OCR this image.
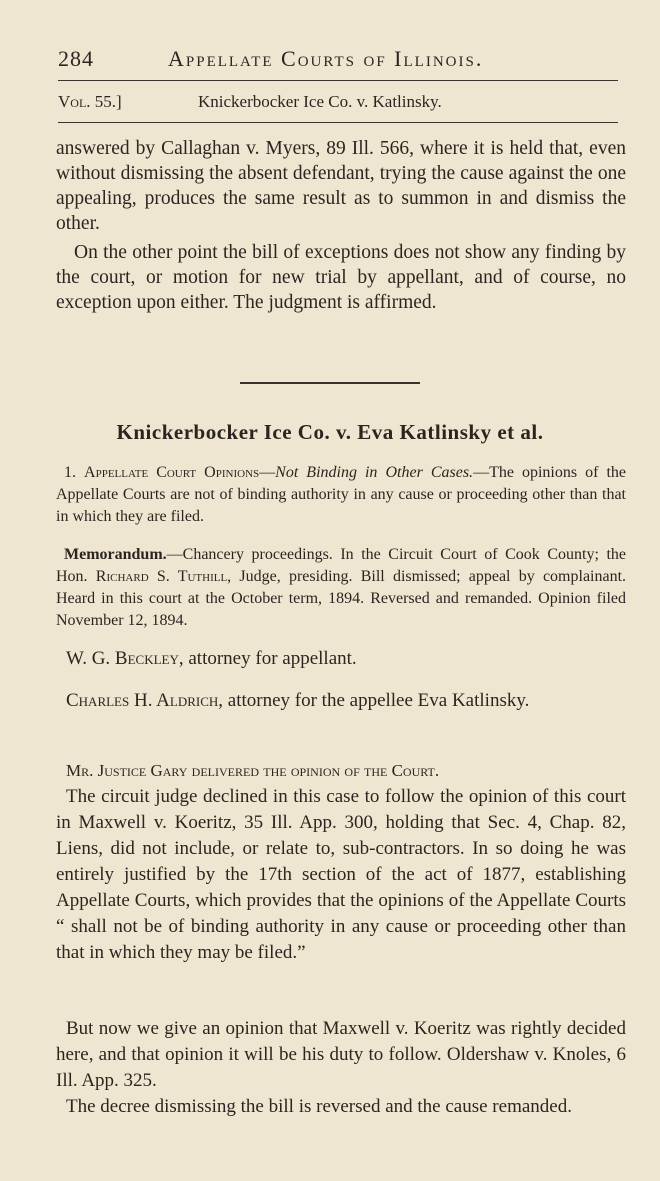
284	Appellate Courts of Illinois.
Vol. 55.]	Knickerbocker Ice Co. v. Katlinsky.

answered by Callaghan v. Myers, 89 Ill. 566, where it is held that, even without dismissing the absent defendant, trying the cause against the one appealing, produces the same result as to summon in and dismiss the other.

On the other point the bill of exceptions does not show any finding by the court, or motion for new trial by appellant, and of course, no exception upon either. The judgment is affirmed.

Knickerbocker Ice Co. v. Eva Katlinsky et al.

1. Appellate Court Opinions—Not Binding in Other Cases.—The opinions of the Appellate Courts are not of binding authority in any cause or proceeding other than that in which they are filed.

Memorandum.—Chancery proceedings. In the Circuit Court of Cook County; the Hon. Richard S. Tuthill, Judge, presiding. Bill dismissed; appeal by complainant. Heard in this court at the October term, 1894. Reversed and remanded. Opinion filed November 12, 1894.

W. G. Beckley, attorney for appellant.

Charles H. Aldrich, attorney for the appellee Eva Katlinsky.

Mr. Justice Gary delivered the opinion of the Court.

The circuit judge declined in this case to follow the opinion of this court in Maxwell v. Koeritz, 35 Ill. App. 300, holding that Sec. 4, Chap. 82, Liens, did not include, or relate to, sub-contractors. In so doing he was entirely justified by the 17th section of the act of 1877, establishing Appellate Courts, which provides that the opinions of the Appellate Courts “ shall not be of binding authority in any cause or proceeding other than that in which they may be filed.”

But now we give an opinion that Maxwell v. Koeritz was rightly decided here, and that opinion it will be his duty to follow. Oldershaw v. Knoles, 6 Ill. App. 325.

The decree dismissing the bill is reversed and the cause remanded.
